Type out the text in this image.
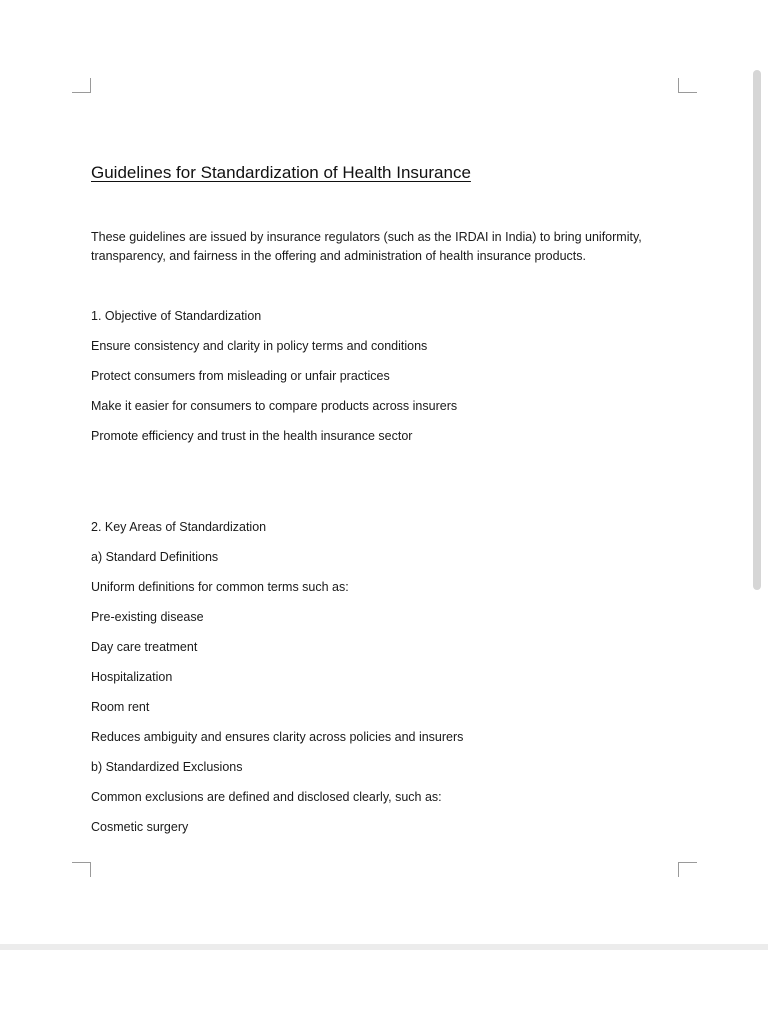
Guidelines for Standardization of Health Insurance

These guidelines are issued by insurance regulators (such as the IRDAI in India) to bring uniformity, transparency, and fairness in the offering and administration of health insurance products.

1. Objective of Standardization

Ensure consistency and clarity in policy terms and conditions

Protect consumers from misleading or unfair practices

Make it easier for consumers to compare products across insurers

Promote efficiency and trust in the health insurance sector

2. Key Areas of Standardization

a) Standard Definitions

Uniform definitions for common terms such as:

Pre-existing disease

Day care treatment

Hospitalization

Room rent

Reduces ambiguity and ensures clarity across policies and insurers

b) Standardized Exclusions

Common exclusions are defined and disclosed clearly, such as:

Cosmetic surgery
